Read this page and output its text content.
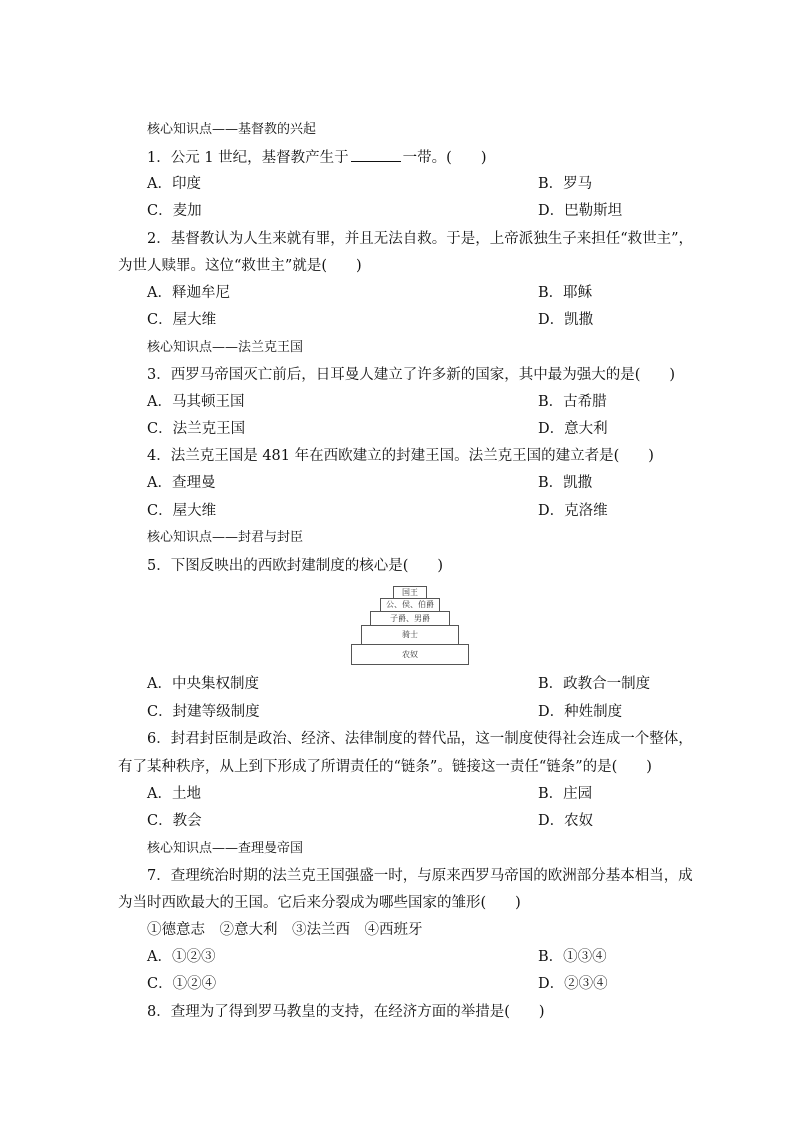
核心知识点——基督教的兴起
1．公元 1 世纪，基督教产生于	一带。(　　)
A．印度	B．罗马
C．麦加	D．巴勒斯坦
2．基督教认为人生来就有罪，并且无法自救。于是，上帝派独生子来担任“救世主”，
为世人赎罪。这位“救世主”就是(　　)
A．释迦牟尼	B．耶稣
C．屋大维	D．凯撒
核心知识点——法兰克王国
3．西罗马帝国灭亡前后，日耳曼人建立了许多新的国家，其中最为强大的是(　　)
A．马其顿王国	B．古希腊
C．法兰克王国	D．意大利
4．法兰克王国是 481 年在西欧建立的封建王国。法兰克王国的建立者是(　　)
A．查理曼	B．凯撒
C．屋大维	D．克洛维
核心知识点——封君与封臣
5．下图反映出的西欧封建制度的核心是(　　)
国王
公、侯、伯爵
子爵、男爵
骑士
农奴
A．中央集权制度	B．政教合一制度
C．封建等级制度	D．种姓制度
6．封君封臣制是政治、经济、法律制度的替代品，这一制度使得社会连成一个整体，
有了某种秩序，从上到下形成了所谓责任的“链条”。链接这一责任“链条”的是(　　)
A．土地	B．庄园
C．教会	D．农奴
核心知识点——查理曼帝国
7．查理统治时期的法兰克王国强盛一时，与原来西罗马帝国的欧洲部分基本相当，成
为当时西欧最大的王国。它后来分裂成为哪些国家的雏形(　　)
①德意志　②意大利　③法兰西　④西班牙
A．①②③	B．①③④
C．①②④	D．②③④
8．查理为了得到罗马教皇的支持，在经济方面的举措是(　　)
